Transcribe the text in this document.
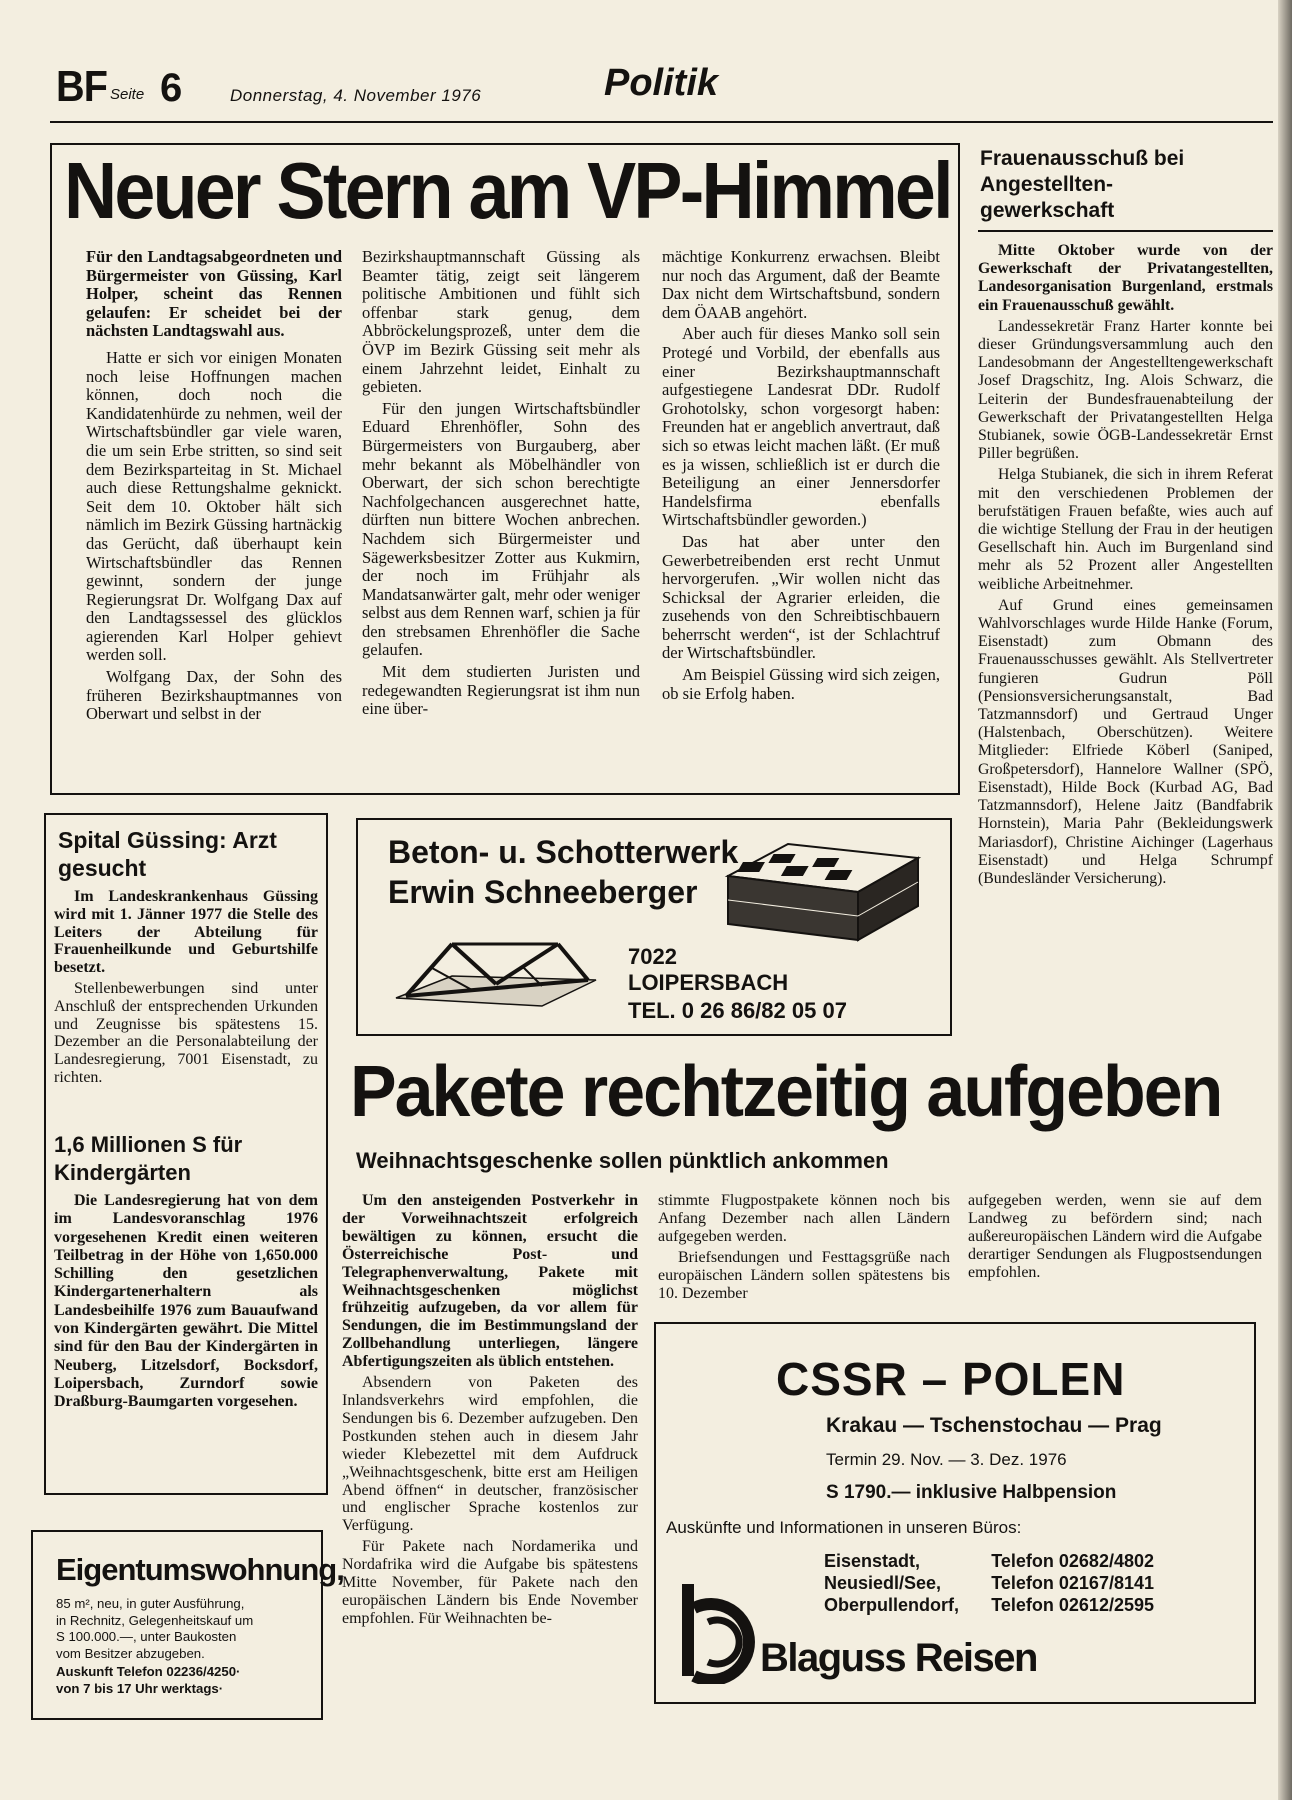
BF Seite 6	Donnerstag, 4. November 1976	Politik
Neuer Stern am VP-Himmel

Für den Landtagsabgeordneten und Bürgermeister von Güssing, Karl Holper, scheint das Rennen gelaufen: Er scheidet bei der nächsten Landtagswahl aus.

Hatte er sich vor einigen Monaten noch leise Hoffnungen machen können, doch noch die Kandidatenhürde zu nehmen, weil der Wirtschaftsbündler gar viele waren, die um sein Erbe stritten, so sind seit dem Bezirksparteitag in St. Michael auch diese Rettungshalme geknickt. Seit dem 10. Oktober hält sich nämlich im Bezirk Güssing hartnäckig das Gerücht, daß überhaupt kein Wirtschaftsbündler das Rennen gewinnt, sondern der junge Regierungsrat Dr. Wolfgang Dax auf den Landtagssessel des glücklos agierenden Karl Holper gehievt werden soll.

Wolfgang Dax, der Sohn des früheren Bezirkshauptmannes von Oberwart und selbst in der

Bezirkshauptmannschaft Güssing als Beamter tätig, zeigt seit längerem politische Ambitionen und fühlt sich offenbar stark genug, dem Abbröckelungsprozeß, unter dem die ÖVP im Bezirk Güssing seit mehr als einem Jahrzehnt leidet, Einhalt zu gebieten.

Für den jungen Wirtschaftsbündler Eduard Ehrenhöfler, Sohn des Bürgermeisters von Burgauberg, aber mehr bekannt als Möbelhändler von Oberwart, der sich schon berechtigte Nachfolgechancen ausgerechnet hatte, dürften nun bittere Wochen anbrechen. Nachdem sich Bürgermeister und Sägewerksbesitzer Zotter aus Kukmirn, der noch im Frühjahr als Mandatsanwärter galt, mehr oder weniger selbst aus dem Rennen warf, schien ja für den strebsamen Ehrenhöfler die Sache gelaufen.

Mit dem studierten Juristen und redegewandten Regierungsrat ist ihm nun eine über-

mächtige Konkurrenz erwachsen. Bleibt nur noch das Argument, daß der Beamte Dax nicht dem Wirtschaftsbund, sondern dem ÖAAB angehört.

Aber auch für dieses Manko soll sein Protegé und Vorbild, der ebenfalls aus einer Bezirkshauptmannschaft aufgestiegene Landesrat DDr. Rudolf Grohotolsky, schon vorgesorgt haben: Freunden hat er angeblich anvertraut, daß sich so etwas leicht machen läßt. (Er muß es ja wissen, schließlich ist er durch die Beteiligung an einer Jennersdorfer Handelsfirma ebenfalls Wirtschaftsbündler geworden.)

Das hat aber unter den Gewerbetreibenden erst recht Unmut hervorgerufen. „Wir wollen nicht das Schicksal der Agrarier erleiden, die zusehends von den Schreibtischbauern beherrscht werden“, ist der Schlachtruf der Wirtschaftsbündler.

Am Beispiel Güssing wird sich zeigen, ob sie Erfolg haben.

Frauenausschuß bei Angestellten-gewerkschaft

Mitte Oktober wurde von der Gewerkschaft der Privatangestellten, Landesorganisation Burgenland, erstmals ein Frauenausschuß gewählt.

Landessekretär Franz Harter konnte bei dieser Gründungsversammlung auch den Landesobmann der Angestelltengewerkschaft Josef Dragschitz, Ing. Alois Schwarz, die Leiterin der Bundesfrauenabteilung der Gewerkschaft der Privatangestellten Helga Stubianek, sowie ÖGB-Landessekretär Ernst Piller begrüßen.

Helga Stubianek, die sich in ihrem Referat mit den verschiedenen Problemen der berufstätigen Frauen befaßte, wies auch auf die wichtige Stellung der Frau in der heutigen Gesellschaft hin. Auch im Burgenland sind mehr als 52 Prozent aller Angestellten weibliche Arbeitnehmer.

Auf Grund eines gemeinsamen Wahlvorschlages wurde Hilde Hanke (Forum, Eisenstadt) zum Obmann des Frauenausschusses gewählt. Als Stellvertreter fungieren Gudrun Pöll (Pensionsversicherungsanstalt, Bad Tatzmannsdorf) und Gertraud Unger (Halstenbach, Oberschützen). Weitere Mitglieder: Elfriede Köberl (Saniped, Großpetersdorf), Hannelore Wallner (SPÖ, Eisenstadt), Hilde Bock (Kurbad AG, Bad Tatzmannsdorf), Helene Jaitz (Bandfabrik Hornstein), Maria Pahr (Bekleidungswerk Mariasdorf), Christine Aichinger (Lagerhaus Eisenstadt) und Helga Schrumpf (Bundesländer Versicherung).

Spital Güssing: Arzt gesucht

Im Landeskrankenhaus Güssing wird mit 1. Jänner 1977 die Stelle des Leiters der Abteilung für Frauenheilkunde und Geburtshilfe besetzt.

Stellenbewerbungen sind unter Anschluß der entsprechenden Urkunden und Zeugnisse bis spätestens 15. Dezember an die Personalabteilung der Landesregierung, 7001 Eisenstadt, zu richten.

1,6 Millionen S für Kindergärten

Die Landesregierung hat von dem im Landesvoranschlag 1976 vorgesehenen Kredit einen weiteren Teilbetrag in der Höhe von 1,650.000 Schilling den gesetzlichen Kindergartenerhaltern als Landesbeihilfe 1976 zum Bauaufwand von Kindergärten gewährt. Die Mittel sind für den Bau der Kindergärten in Neuberg, Litzelsdorf, Bocksdorf, Loipersbach, Zurndorf sowie Draßburg-Baumgarten vorgesehen.

Eigentumswohnung,
85 m², neu, in guter Ausführung,
in Rechnitz, Gelegenheitskauf um
S 100.000.—, unter Baukosten
vom Besitzer abzugeben.
Auskunft Telefon 02236/4250·
von 7 bis 17 Uhr werktags·
Beton- u. Schotterwerk
Erwin Schneeberger
7022
LOIPERSBACH
TEL. 0 26 86/82 05 07
Pakete rechtzeitig aufgeben
Weihnachtsgeschenke sollen pünktlich ankommen

Um den ansteigenden Postverkehr in der Vorweihnachtszeit erfolgreich bewältigen zu können, ersucht die Österreichische Post- und Telegraphenverwaltung, Pakete mit Weihnachtsgeschenken möglichst frühzeitig aufzugeben, da vor allem für Sendungen, die im Bestimmungsland der Zollbehandlung unterliegen, längere Abfertigungszeiten als üblich entstehen.

Absendern von Paketen des Inlandsverkehrs wird empfohlen, die Sendungen bis 6. Dezember aufzugeben. Den Postkunden stehen auch in diesem Jahr wieder Klebezettel mit dem Aufdruck „Weihnachtsgeschenk, bitte erst am Heiligen Abend öffnen“ in deutscher, französischer und englischer Sprache kostenlos zur Verfügung.

Für Pakete nach Nordamerika und Nordafrika wird die Aufgabe bis spätestens Mitte November, für Pakete nach den europäischen Ländern bis Ende November empfohlen. Für Weihnachten be-

stimmte Flugpostpakete können noch bis Anfang Dezember nach allen Ländern aufgegeben werden.

Briefsendungen und Festtagsgrüße nach europäischen Ländern sollen spätestens bis 10. Dezember

aufgegeben werden, wenn sie auf dem Landweg zu befördern sind; nach außereuropäischen Ländern wird die Aufgabe derartiger Sendungen als Flugpostsendungen empfohlen.

CSSR – POLEN
Krakau — Tschenstochau — Prag
Termin 29. Nov. — 3. Dez. 1976
S 1790.— inklusive Halbpension
Auskünfte und Informationen in unseren Büros:
Eisenstadt,	Telefon 02682/4802
Neusiedl/See,	Telefon 02167/8141
Oberpullendorf, Telefon 02612/2595
Blaguss Reisen
